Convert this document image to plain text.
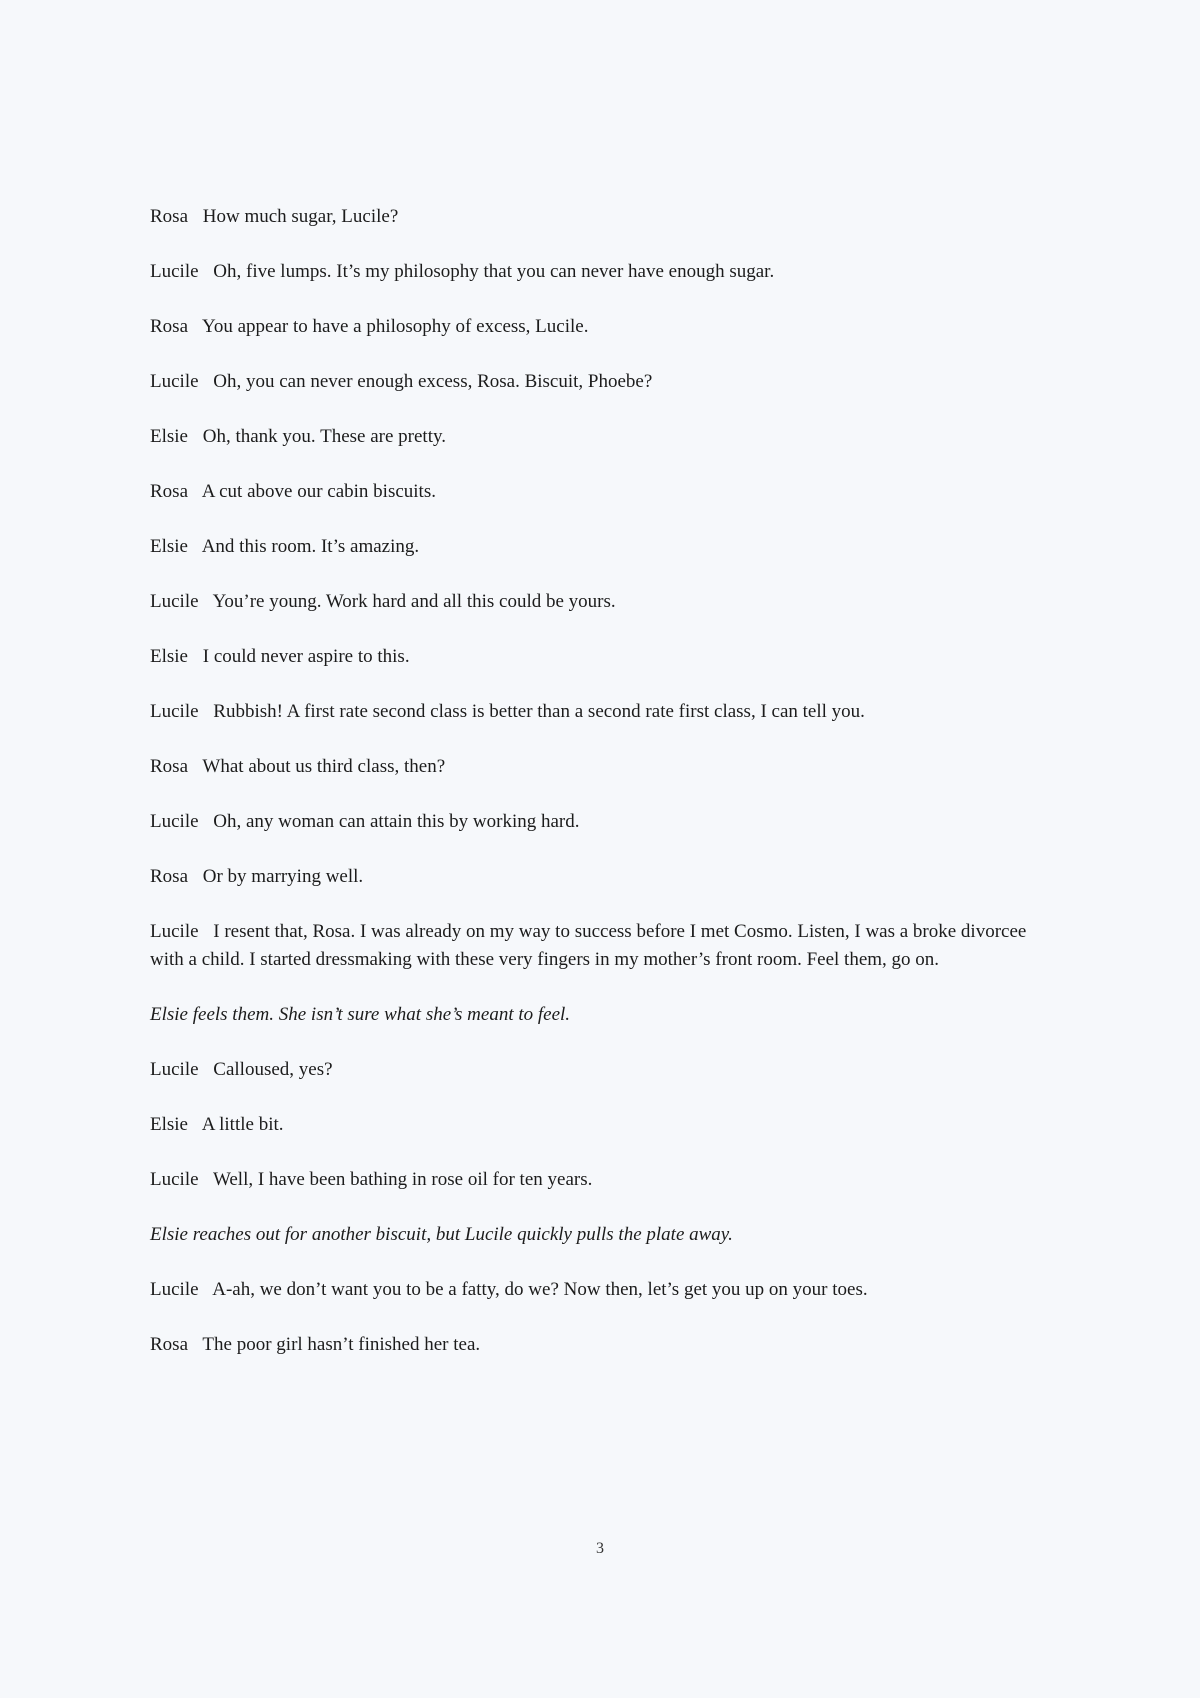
Rosa How much sugar, Lucile?

Lucile Oh, five lumps. It’s my philosophy that you can never have enough sugar.

Rosa You appear to have a philosophy of excess, Lucile.

Lucile Oh, you can never enough excess, Rosa. Biscuit, Phoebe?

Elsie Oh, thank you. These are pretty.

Rosa A cut above our cabin biscuits.

Elsie And this room. It’s amazing.

Lucile You’re young. Work hard and all this could be yours.

Elsie I could never aspire to this.

Lucile Rubbish! A first rate second class is better than a second rate first class, I can tell you.

Rosa What about us third class, then?

Lucile Oh, any woman can attain this by working hard.

Rosa Or by marrying well.

Lucile I resent that, Rosa. I was already on my way to success before I met Cosmo. Listen, I was a broke divorcee with a child. I started dressmaking with these very fingers in my mother’s front room. Feel them, go on.

Elsie feels them. She isn’t sure what she’s meant to feel.

Lucile Calloused, yes?

Elsie A little bit.

Lucile Well, I have been bathing in rose oil for ten years.

Elsie reaches out for another biscuit, but Lucile quickly pulls the plate away.

Lucile A-ah, we don’t want you to be a fatty, do we? Now then, let’s get you up on your toes.

Rosa The poor girl hasn’t finished her tea.

3
